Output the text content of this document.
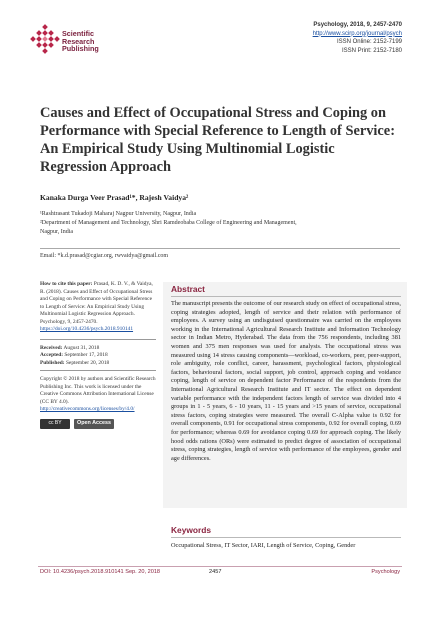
Scientific
Research
Publishing
Psychology, 2018, 9, 2457-2470
http://www.scirp.org/journal/psych
ISSN Online: 2152-7199
ISSN Print: 2152-7180
Causes and Effect of Occupational Stress and Coping on Performance with Special Reference to Length of Service: An Empirical Study Using Multinomial Logistic Regression Approach
Kanaka Durga Veer Prasad¹*, Rajesh Vaidya²
¹Rashtrasant Tukadoji Maharaj Nagpur University, Nagpur, India
²Department of Management and Technology, Shri Ramdeobaba College of Engineering and Management,
Nagpur, India
Email: *k.d.prasad@cgiar.org, rwvaidya@gmail.com

How to cite this paper: Prasad, K. D. V., & Vaidya, R. (2018). Causes and Effect of Occupational Stress and Coping on Performance with Special Reference to Length of Service: An Empirical Study Using Multinomial Logistic Regression Approach. Psychology, 9, 2457-2470. https://doi.org/10.4236/psych.2018.910141

Received: August 31, 2018
Accepted: September 17, 2018
Published: September 20, 2018

Copyright © 2018 by authors and Scientific Research Publishing Inc. This work is licensed under the Creative Commons Attribution International License (CC BY 4.0).
http://creativecommons.org/licenses/by/4.0/

cc BY	Open Access
Abstract
The manuscript presents the outcome of our research study on effect of occupational stress, coping strategies adopted, length of service and their relation with performance of employees. A survey using an undisguised questionnaire was carried on the employees working in the International Agricultural Research Institute and Information Technology sector in Indian Metro, Hyderabad. The data from the 756 respondents, including 381 women and 375 men responses was used for analysis. The occupational stress was measured using 14 stress causing components—workload, co-workers, peer, peer-support, role ambiguity, role conflict, career, harassment, psychological factors, physiological factors, behavioural factors, social support, job control, approach coping and voidance coping, length of service on dependent factor Performance of the respondents from the International Agricultural Research Institute and IT sector. The effect on dependent variable performance with the independent factors length of service was divided into 4 groups in 1 - 5 years, 6 - 10 years, 11 - 15 years and >15 years of service, occupational stress factors, coping strategies were measured. The overall C-Alpha value is 0.92 for overall components, 0.91 for occupational stress components, 0.92 for overall coping, 0.69 for performance; whereas 0.69 for avoidance coping 0.69 for approach coping. The likely hood odds rations (ORs) were estimated to predict degree of association of occupational stress, coping strategies, length of service with performance of the employees, gender and age differences.
Keywords
Occupational Stress, IT Sector, IARI, Length of Service, Coping, Gender
DOI: 10.4236/psych.2018.910141 Sep. 20, 2018	2457	Psychology
